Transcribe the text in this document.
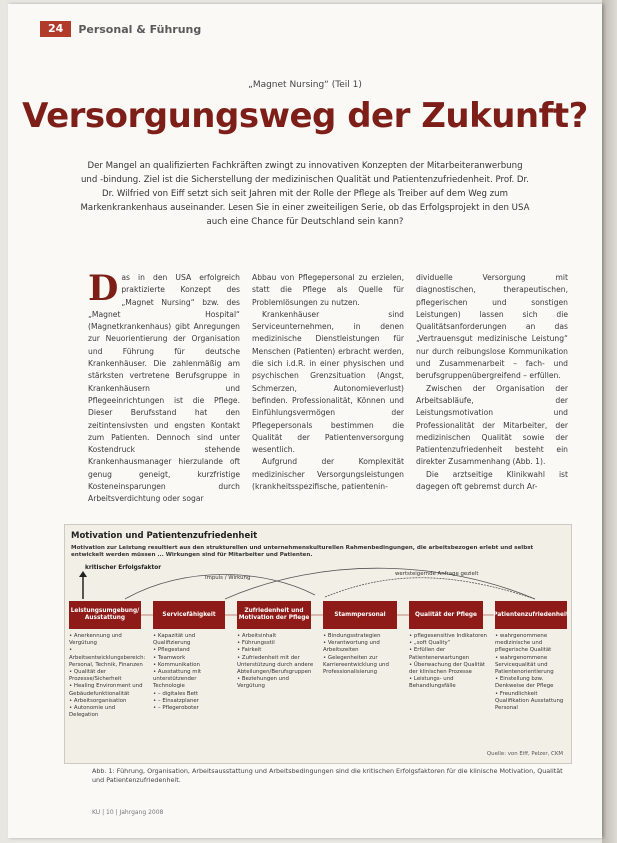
24	Personal & Führung
„Magnet Nursing“ (Teil 1)
Versorgungsweg der Zukunft?
Der Mangel an qualifizierten Fachkräften zwingt zu innovativen Konzepten der Mitarbeiteranwerbung und -bindung. Ziel ist die Sicherstellung der medizinischen Qualität und Patientenzufriedenheit. Prof. Dr. Dr. Wilfried von Eiff setzt sich seit Jahren mit der Rolle der Pflege als Treiber auf dem Weg zum Markenkrankenhaus auseinander. Lesen Sie in einer zweiteiligen Serie, ob das Erfolgsprojekt in den USA auch eine Chance für Deutschland sein kann?

Das in den USA erfolgreich praktizierte Konzept des „Magnet Nursing“ bzw. des „Magnet Hospital“ (Magnetkrankenhaus) gibt Anregungen zur Neuorientierung der Organisation und Führung für deutsche Krankenhäuser. Die zahlenmäßig am stärksten vertretene Berufsgruppe in Krankenhäusern und Pflegeeinrichtungen ist die Pflege. Dieser Berufsstand hat den zeitintensivsten und engsten Kontakt zum Patienten. Dennoch sind unter Kostendruck stehende Krankenhausmanager hierzulande oft genug geneigt, kurzfristige Kosteneinsparungen durch Arbeitsverdichtung oder sogar

Abbau von Pflegepersonal zu erzielen, statt die Pflege als Quelle für Problemlösungen zu nutzen.

Krankenhäuser sind Serviceunternehmen, in denen medizinische Dienstleistungen für Menschen (Patienten) erbracht werden, die sich i.d.R. in einer physischen und psychischen Grenzsituation (Angst, Schmerzen, Autonomieverlust) befinden. Professionalität, Können und Einfühlungsvermögen der Pflegepersonals bestimmen die Qualität der Patientenversorgung wesentlich.

Aufgrund der Komplexität medizinischer Versorgungsleistungen (krankheitsspezifische, patientenin-

dividuelle Versorgung mit diagnostischen, therapeutischen, pflegerischen und sonstigen Leistungen) lassen sich die Qualitätsanforderungen an das „Vertrauensgut medizinische Leistung“ nur durch reibungslose Kommunikation und Zusammenarbeit – fach- und berufsgruppenübergreifend – erfüllen.

Zwischen der Organisation der Arbeitsabläufe, der Leistungsmotivation und Professionalität der Mitarbeiter, der medizinischen Qualität sowie der Patientenzufriedenheit besteht ein direkter Zusammenhang (Abb. 1).

Die arztseitige Klinikwahl ist dagegen oft gebremst durch Ar-

Motivation und Patientenzufriedenheit
Motivation zur Leistung resultiert aus den strukturellen und unternehmenskulturellen Rahmenbedingungen, die arbeitsbezogen erlebt und selbst entwickelt werden müssen ... Wirkungen sind für Mitarbeiter und Patienten.
kritischer Erfolgsfaktor
Impuls / Wirkung
wertsteigernde Anfrage gezielt
Leistungsumgebung/ Ausstattung
Servicefähigkeit
Zufriedenheit und Motivation der Pflege
Stammpersonal	Qualität der Pflege	Patientenzufriedenheit
• Anerkennung und Vergütung
• Arbeitsentwicklungsbereich: Personal, Technik, Finanzen
• Qualität der Prozesse/Sicherheit
• Healing Environment und Gebäudefunktionalität
• Arbeitsorganisation
• Autonomie und Delegation
• Kapazität und Qualifizierung
• Pflegestand
• Teamwork
• Kommunikation
• Ausstattung mit unterstützender Technologie
• – digitales Bett
• – Einsatzplaner
• – Pflegeroboter
• Arbeitsinhalt
• Führungsstil
• Fairkeit
• Zufriedenheit mit der Unterstützung durch andere Abteilungen/Berufsgruppen
• Beziehungen und Vergütung
• Bindungsstrategien
• Verantwortung und Arbeitszeiten
• Gelegenheiten zur Karriereentwicklung und Professionalisierung
• pflegesensitive Indikatoren
• „soft Quality“
• Erfüllen der Patientenerwartungen
• Überwachung der Qualität der klinischen Prozesse
• Leistungs- und Behandlungsfälle
• wahrgenommene medizinische und pflegerische Qualität
• wahrgenommene Servicequalität und Patientenorientierung
• Einstellung bzw. Denkweise der Pflege
• Freundlichkeit Qualifikation Ausstattung Personal
Quelle: von Eiff, Pelzer, CKM
Abb. 1: Führung, Organisation, Arbeitsausstattung und Arbeitsbedingungen sind die kritischen Erfolgsfaktoren für die klinische Motivation, Qualität und Patientenzufriedenheit.
KU | 10 | Jahrgang 2008
